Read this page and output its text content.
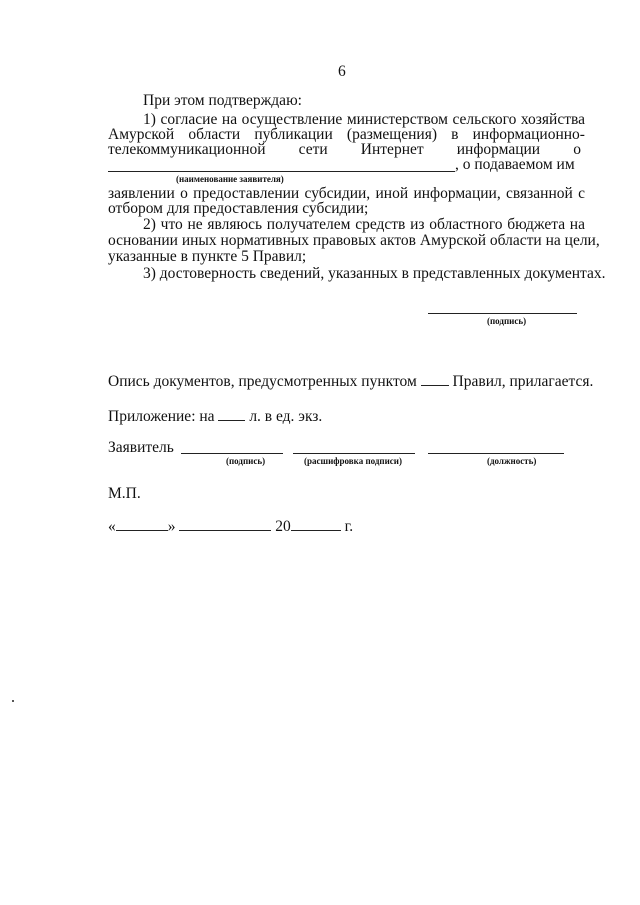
6
При этом подтверждаю:
1) согласие на осуществление министерством сельского хозяйства
Амурской области публикации (размещения) в информационно-
телекоммуникационной сети Интернет информации о
, о подаваемом им
(наименование заявителя)
заявлении о предоставлении субсидии, иной информации, связанной с
отбором для предоставления субсидии;
2) что не являюсь получателем средств из областного бюджета на
основании иных нормативных правовых актов Амурской области на цели,
указанные в пункте 5 Правил;
3) достоверность сведений, указанных в представленных документах.
(подпись)
Опись документов, предусмотренных пунктом Правил, прилагается.
Приложение: на л. в ед. экз.
Заявитель
(подпись)	(расшифровка подписи)	(должность)
М.П.
«	»	20	г.
